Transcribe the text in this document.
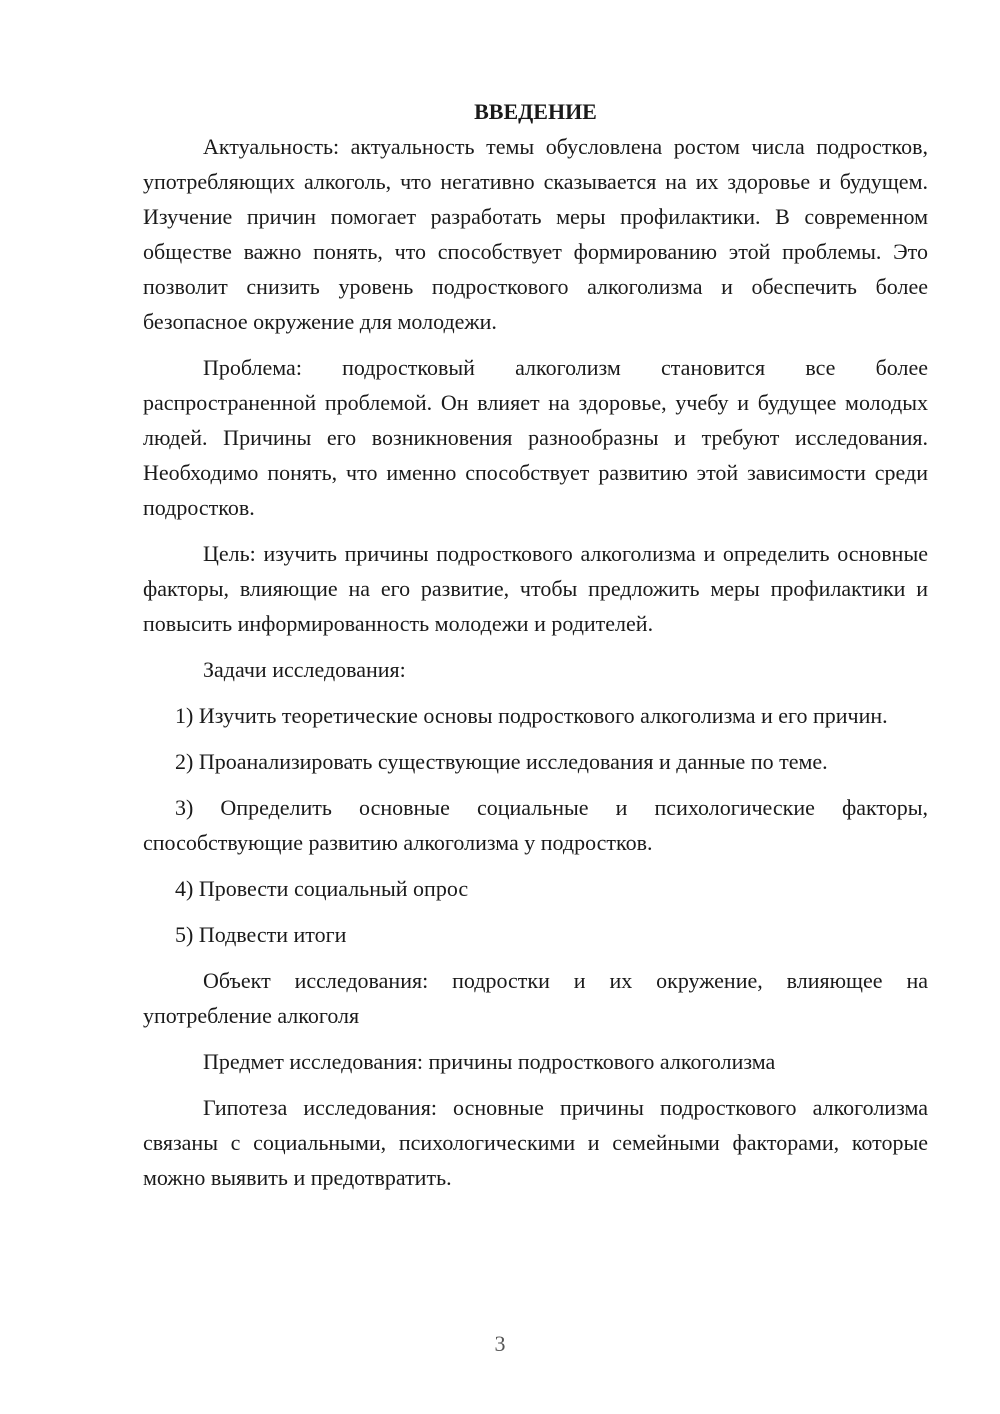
ВВЕДЕНИЕ

Актуальность: актуальность темы обусловлена ростом числа подростков, употребляющих алкоголь, что негативно сказывается на их здоровье и будущем. Изучение причин помогает разработать меры профилактики. В современном обществе важно понять, что способствует формированию этой проблемы. Это позволит снизить уровень подросткового алкоголизма и обеспечить более безопасное окружение для молодежи.

Проблема: подростковый алкоголизм становится все более распространенной проблемой. Он влияет на здоровье, учебу и будущее молодых людей. Причины его возникновения разнообразны и требуют исследования. Необходимо понять, что именно способствует развитию этой зависимости среди подростков.

Цель: изучить причины подросткового алкоголизма и определить основные факторы, влияющие на его развитие, чтобы предложить меры профилактики и повысить информированность молодежи и родителей.

Задачи исследования:

1) Изучить теоретические основы подросткового алкоголизма и его причин.

2) Проанализировать существующие исследования и данные по теме.

3) Определить основные социальные и психологические факторы, способствующие развитию алкоголизма у подростков.

4) Провести социальный опрос

5) Подвести итоги

Объект исследования: подростки и их окружение, влияющее на употребление алкоголя

Предмет исследования: причины подросткового алкоголизма

Гипотеза исследования: основные причины подросткового алкоголизма связаны с социальными, психологическими и семейными факторами, которые можно выявить и предотвратить.

3
